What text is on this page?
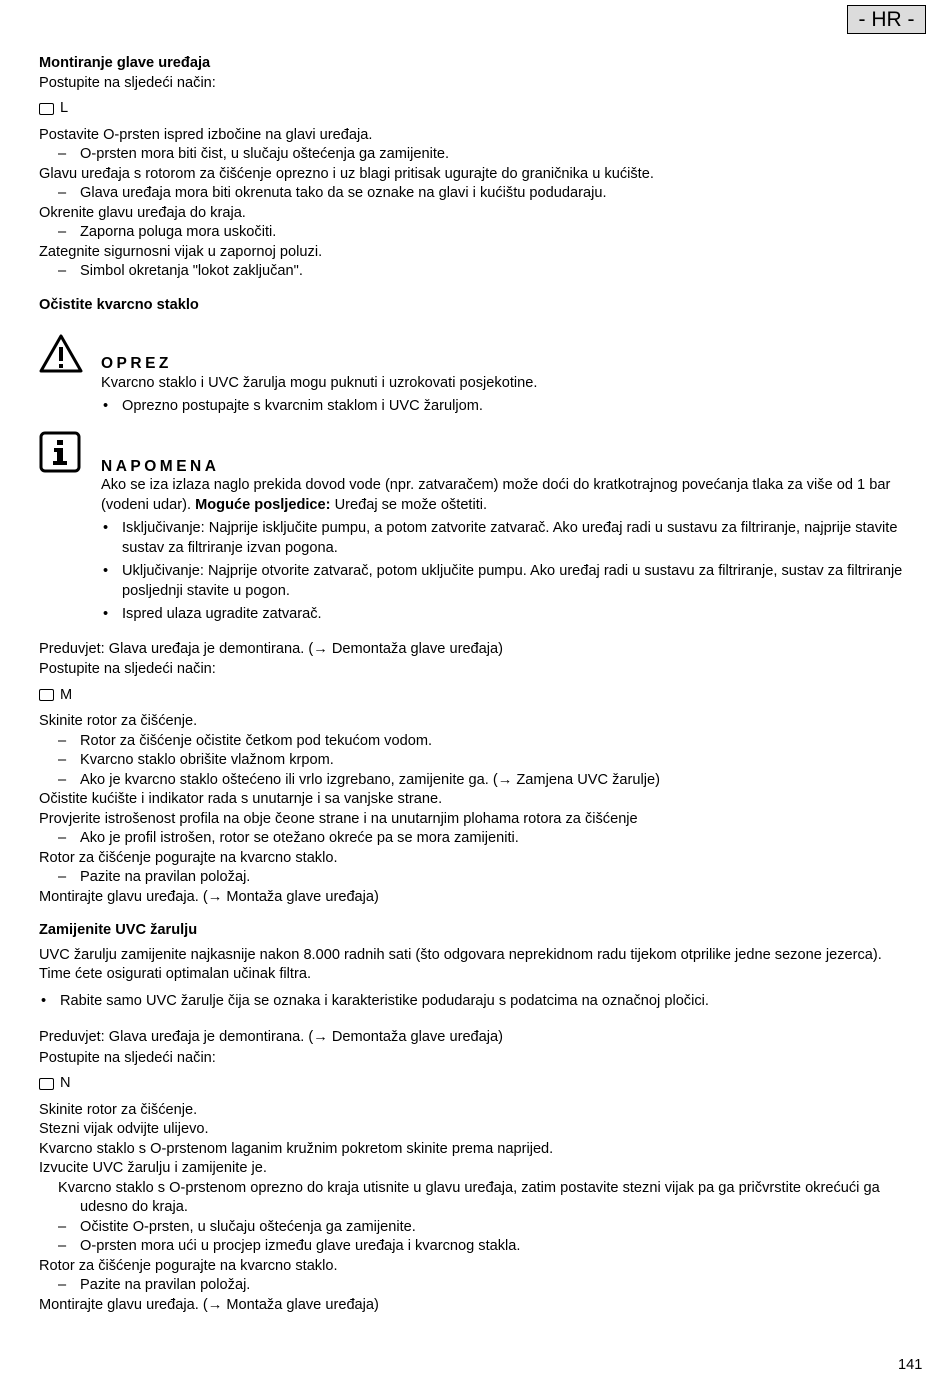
- HR -
Montiranje glave uređaja
Postupite na sljedeći način:
L
Postavite O-prsten ispred izbočine na glavi uređaja.
– O-prsten mora biti čist, u slučaju oštećenja ga zamijenite.
Glavu uređaja s rotorom za čišćenje oprezno i uz blagi pritisak ugurajte do graničnika u kućište.
– Glava uređaja mora biti okrenuta tako da se oznake na glavi i kućištu podudaraju.
Okrenite glavu uređaja do kraja.
– Zaporna poluga mora uskočiti.
Zategnite sigurnosni vijak u zapornoj poluzi.
– Simbol okretanja "lokot zaključan".
Očistite kvarcno staklo
OPREZ
Kvarcno staklo i UVC žarulja mogu puknuti i uzrokovati posjekotine.
• Oprezno postupajte s kvarcnim staklom i UVC žaruljom.
NAPOMENA
Ako se iza izlaza naglo prekida dovod vode (npr. zatvaračem) može doći do kratkotrajnog povećanja tlaka za više od 1 bar (vodeni udar). Moguće posljedice: Uređaj se može oštetiti.
• Isključivanje: Najprije isključite pumpu, a potom zatvorite zatvarač. Ako uređaj radi u sustavu za filtriranje, najprije stavite sustav za filtriranje izvan pogona.
• Uključivanje: Najprije otvorite zatvarač, potom uključite pumpu. Ako uređaj radi u sustavu za filtriranje, sustav za filtriranje posljednji stavite u pogon.
• Ispred ulaza ugradite zatvarač.
Preduvjet: Glava uređaja je demontirana. (→ Demontaža glave uređaja)
Postupite na sljedeći način:
M
Skinite rotor za čišćenje.
– Rotor za čišćenje očistite četkom pod tekućom vodom.
– Kvarcno staklo obrišite vlažnom krpom.
– Ako je kvarcno staklo oštećeno ili vrlo izgrebano, zamijenite ga. (→ Zamjena UVC žarulje)
Očistite kućište i indikator rada s unutarnje i sa vanjske strane.
Provjerite istrošenost profila na obje čeone strane i na unutarnjim plohama rotora za čišćenje
– Ako je profil istrošen, rotor se otežano okreće pa se mora zamijeniti.
Rotor za čišćenje pogurajte na kvarcno staklo.
– Pazite na pravilan položaj.
Montirajte glavu uređaja. (→ Montaža glave uređaja)
Zamijenite UVC žarulju
UVC žarulju zamijenite najkasnije nakon 8.000 radnih sati (što odgovara neprekidnom radu tijekom otprilike jedne sezone jezerca). Time ćete osigurati optimalan učinak filtra.
• Rabite samo UVC žarulje čija se oznaka i karakteristike podudaraju s podatcima na označnoj pločici.
Preduvjet: Glava uređaja je demontirana. (→ Demontaža glave uređaja)
Postupite na sljedeći način:
N
Skinite rotor za čišćenje.
Stezni vijak odvijte ulijevo.
Kvarcno staklo s O-prstenom laganim kružnim pokretom skinite prema naprijed.
Izvucite UVC žarulju i zamijenite je.
Kvarcno staklo s O-prstenom oprezno do kraja utisnite u glavu uređaja, zatim postavite stezni vijak pa ga pričvrstite okrećući ga udesno do kraja.
– Očistite O-prsten, u slučaju oštećenja ga zamijenite.
– O-prsten mora ući u procjep između glave uređaja i kvarcnog stakla.
Rotor za čišćenje pogurajte na kvarcno staklo.
– Pazite na pravilan položaj.
Montirajte glavu uređaja. (→ Montaža glave uređaja)
141
